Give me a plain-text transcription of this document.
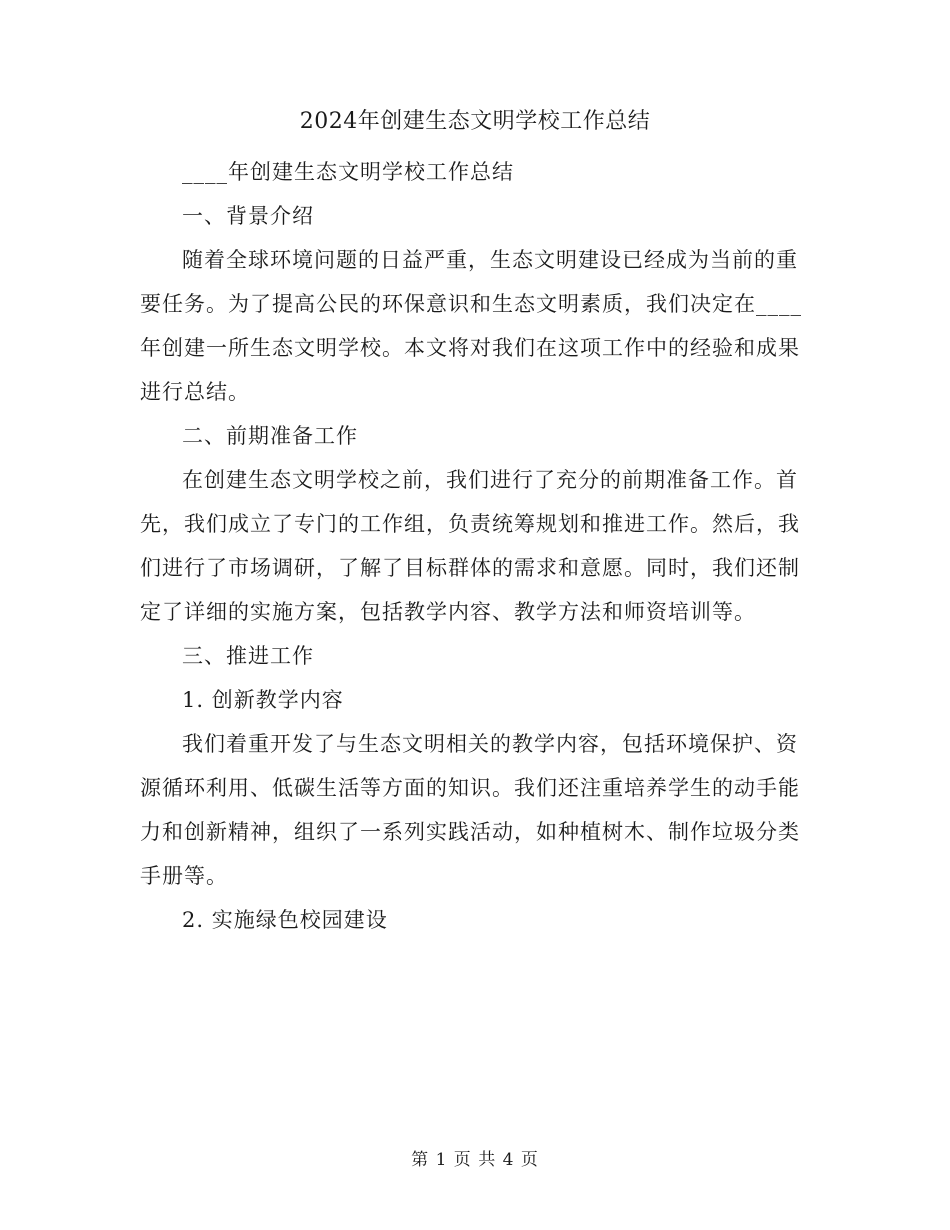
2024年创建生态文明学校工作总结

____年创建生态文明学校工作总结

一、背景介绍

随着全球环境问题的日益严重，生态文明建设已经成为当前的重要任务。为了提高公民的环保意识和生态文明素质，我们决定在____年创建一所生态文明学校。本文将对我们在这项工作中的经验和成果进行总结。

二、前期准备工作

在创建生态文明学校之前，我们进行了充分的前期准备工作。首先，我们成立了专门的工作组，负责统筹规划和推进工作。然后，我们进行了市场调研，了解了目标群体的需求和意愿。同时，我们还制定了详细的实施方案，包括教学内容、教学方法和师资培训等。

三、推进工作

1. 创新教学内容

我们着重开发了与生态文明相关的教学内容，包括环境保护、资源循环利用、低碳生活等方面的知识。我们还注重培养学生的动手能力和创新精神，组织了一系列实践活动，如种植树木、制作垃圾分类手册等。

2. 实施绿色校园建设

第 1 页 共 4 页
